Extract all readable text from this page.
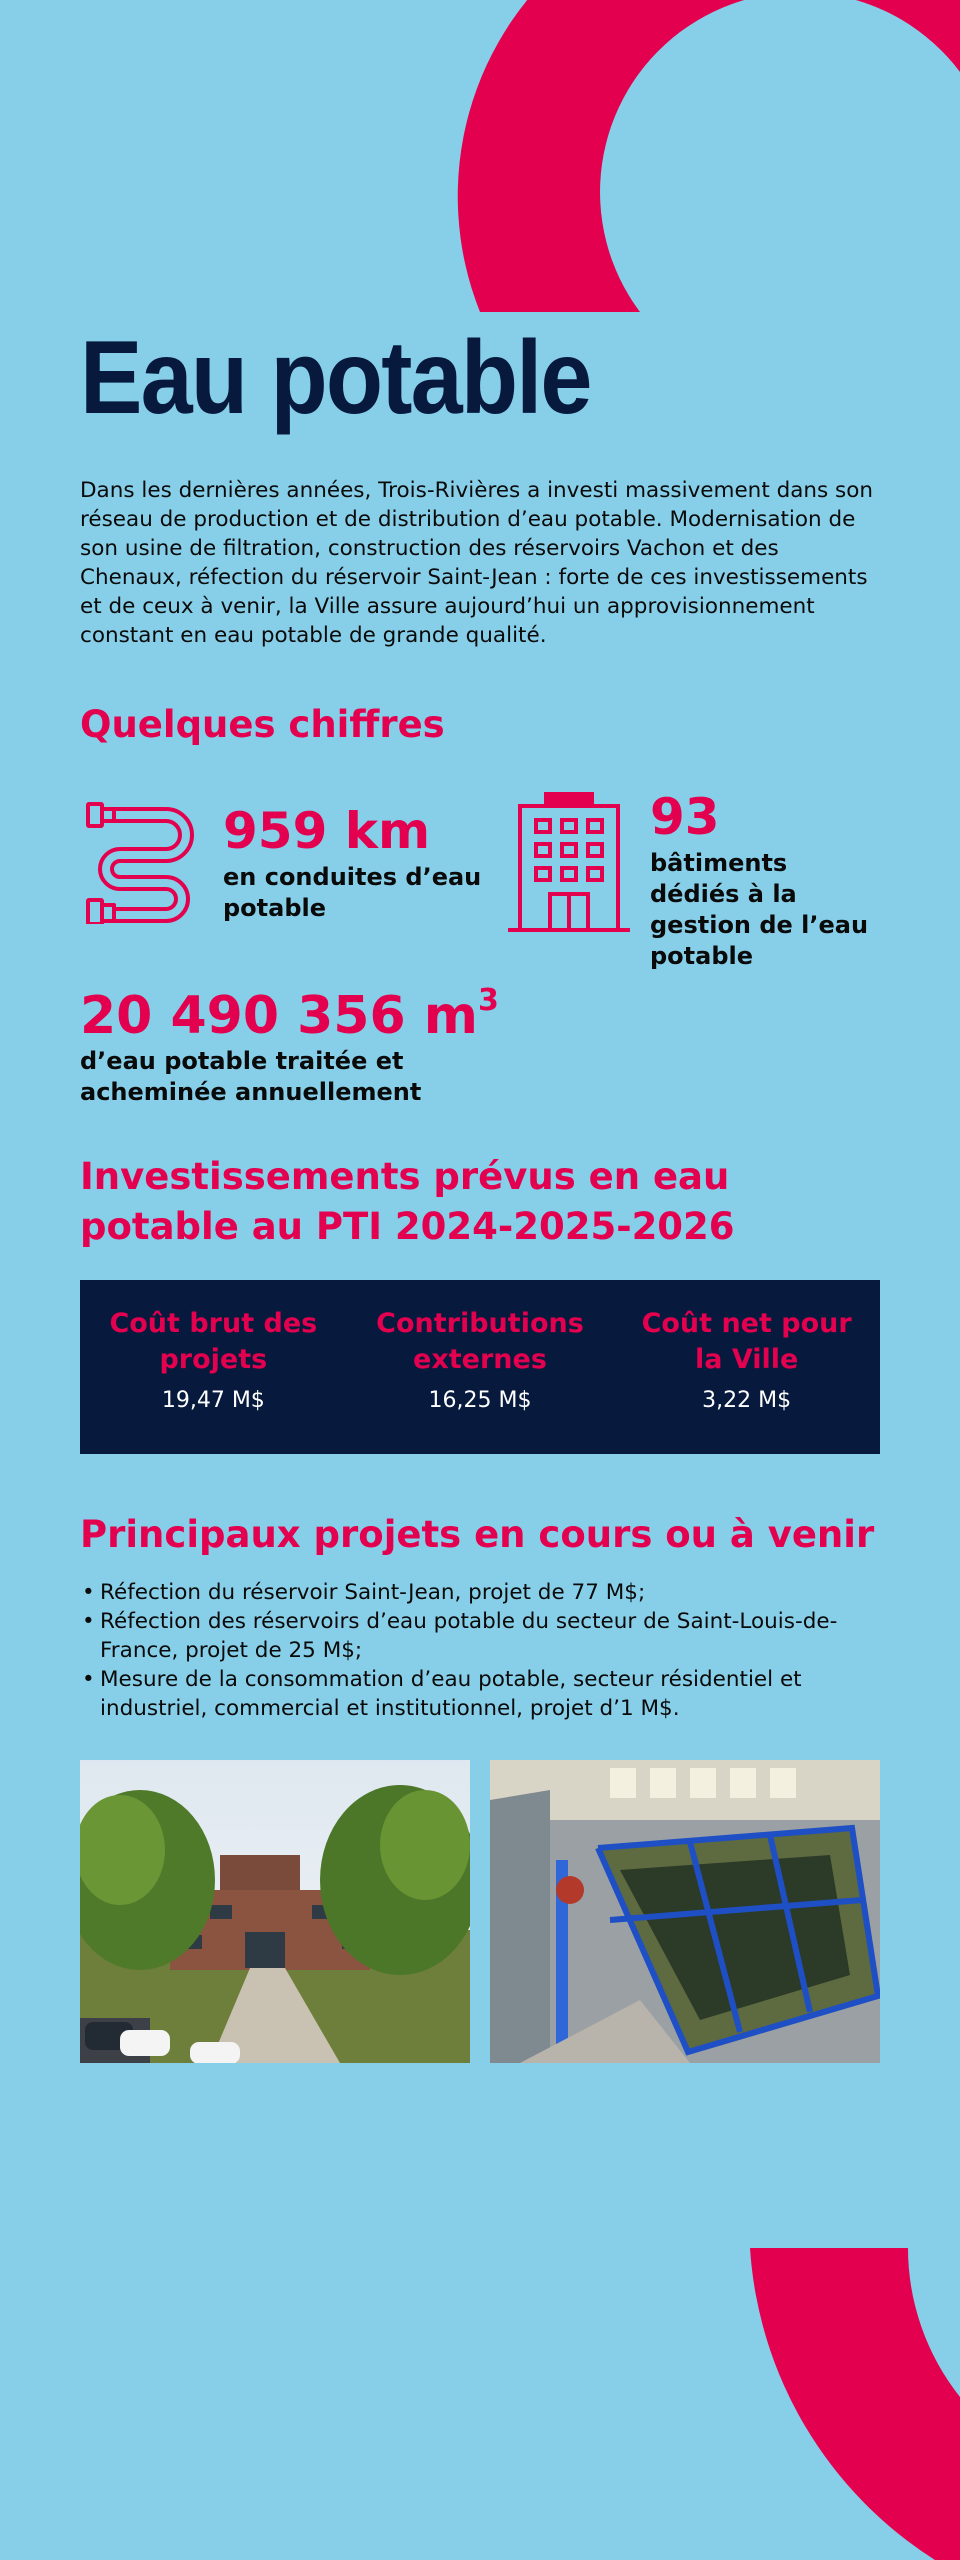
Eau potable

Dans les dernières années, Trois-Rivières a investi massivement dans son réseau de production et de distribution d’eau potable. Modernisation de son usine de filtration, construction des réservoirs Vachon et des Chenaux, réfection du réservoir Saint-Jean : forte de ces investissements et de ceux à venir, la Ville assure aujourd’hui un approvisionnement constant en eau potable de grande qualité.

Quelques chiffres
959 km
en conduites d’eau potable
93
bâtiments dédiés à la gestion de l’eau potable
20 490 356 $m^3$
d’eau potable traitée et acheminée annuellement
Investissements prévus en eau potable au PTI 2024-2025-2026
Coût brut des projets
19,47 M$
Contributions externes
16,25 M$
Coût net pour la Ville
3,22 M$
Principaux projets en cours ou à venir
• Réfection du réservoir Saint-Jean, projet de 77 M$;
• Réfection des réservoirs d’eau potable du secteur de Saint-Louis-de-France, projet de 25 M$;
• Mesure de la consommation d’eau potable, secteur résidentiel et industriel, commercial et institutionnel, projet d’1 M$.
